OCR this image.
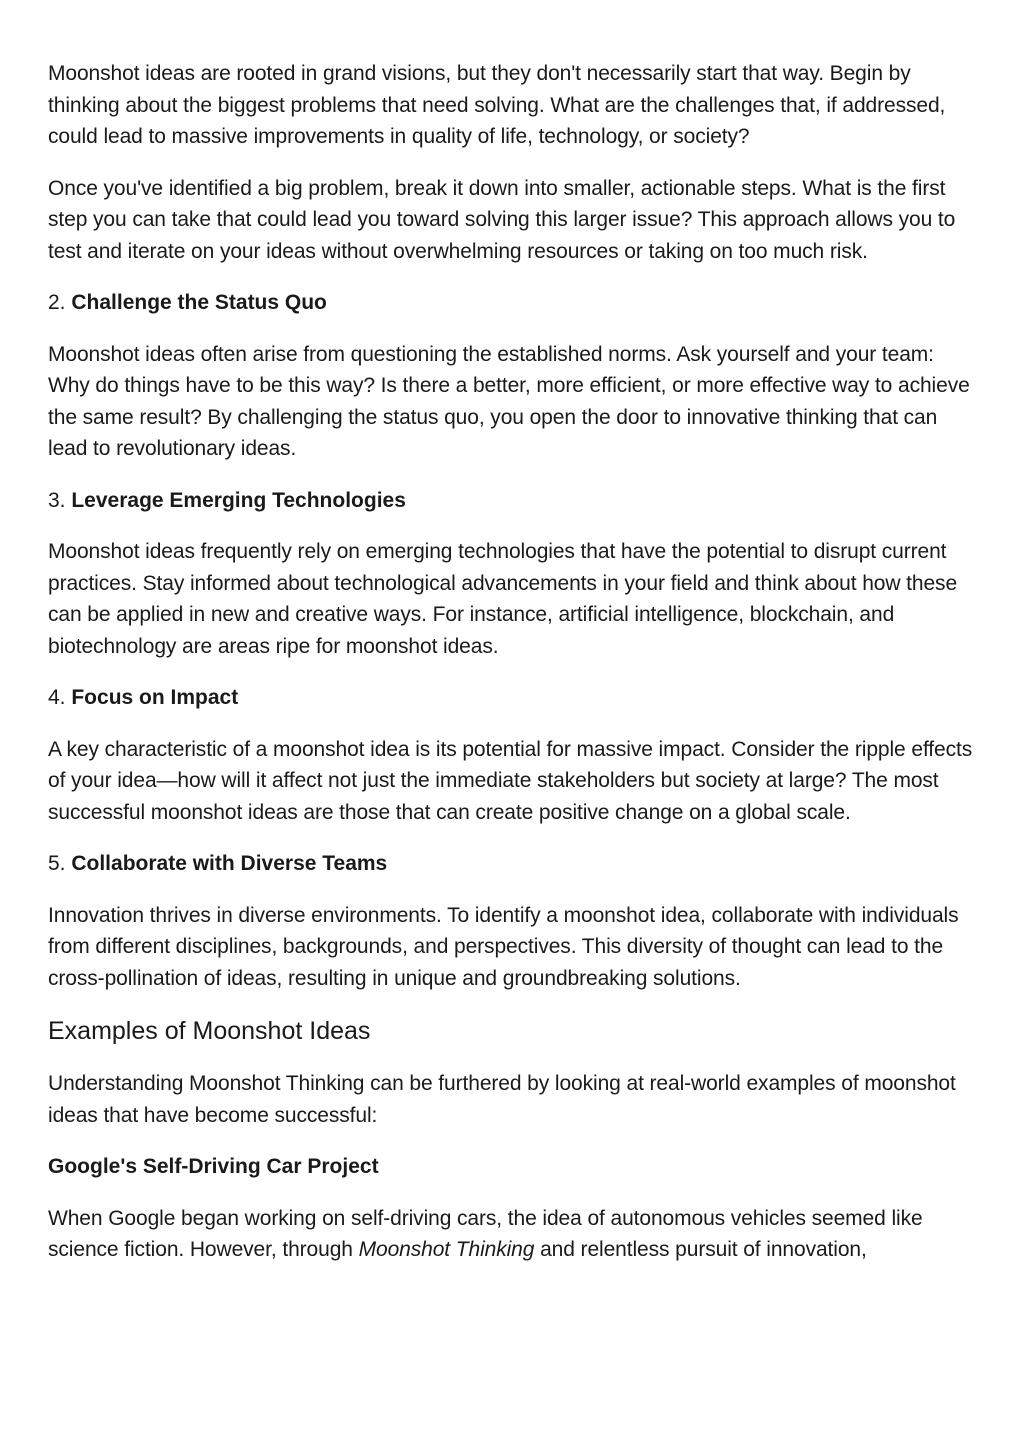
Moonshot ideas are rooted in grand visions, but they don't necessarily start that way. Begin by thinking about the biggest problems that need solving. What are the challenges that, if addressed, could lead to massive improvements in quality of life, technology, or society?

Once you've identified a big problem, break it down into smaller, actionable steps. What is the first step you can take that could lead you toward solving this larger issue? This approach allows you to test and iterate on your ideas without overwhelming resources or taking on too much risk.

2. Challenge the Status Quo

Moonshot ideas often arise from questioning the established norms. Ask yourself and your team: Why do things have to be this way? Is there a better, more efficient, or more effective way to achieve the same result? By challenging the status quo, you open the door to innovative thinking that can lead to revolutionary ideas.

3. Leverage Emerging Technologies

Moonshot ideas frequently rely on emerging technologies that have the potential to disrupt current practices. Stay informed about technological advancements in your field and think about how these can be applied in new and creative ways. For instance, artificial intelligence, blockchain, and biotechnology are areas ripe for moonshot ideas.

4. Focus on Impact

A key characteristic of a moonshot idea is its potential for massive impact. Consider the ripple effects of your idea—how will it affect not just the immediate stakeholders but society at large? The most successful moonshot ideas are those that can create positive change on a global scale.

5. Collaborate with Diverse Teams

Innovation thrives in diverse environments. To identify a moonshot idea, collaborate with individuals from different disciplines, backgrounds, and perspectives. This diversity of thought can lead to the cross-pollination of ideas, resulting in unique and groundbreaking solutions.

Examples of Moonshot Ideas

Understanding Moonshot Thinking can be furthered by looking at real-world examples of moonshot ideas that have become successful:

Google's Self-Driving Car Project

When Google began working on self-driving cars, the idea of autonomous vehicles seemed like science fiction. However, through Moonshot Thinking and relentless pursuit of innovation,
